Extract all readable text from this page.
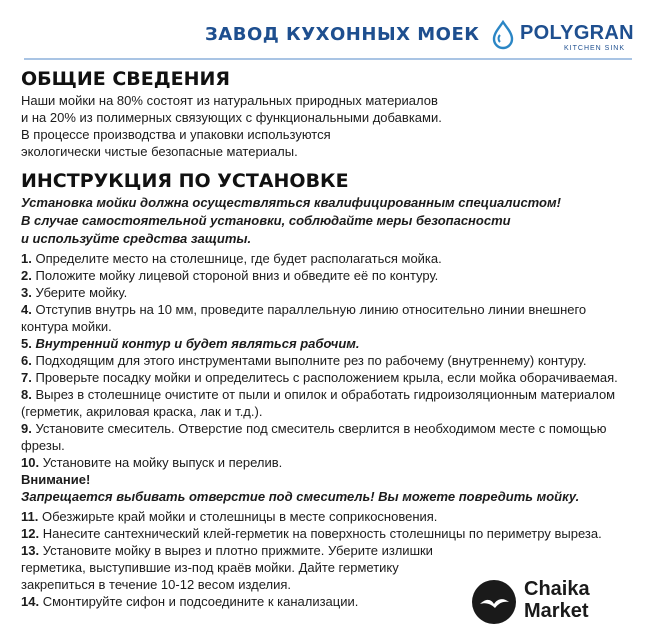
ЗАВОД КУХОННЫХ МОЕК POLYGRAN
KITCHEN SINK
ОБЩИЕ СВЕДЕНИЯ

Наши мойки на 80% состоят из натуральных природных материалов

и на 20% из полимерных связующих с функциональными добавками.

В процессе производства и упаковки используются

экологически чистые безопасные материалы.

ИНСТРУКЦИЯ ПО УСТАНОВКЕ
Установка мойки должна осуществляться квалифицированным специалистом!
В случае самостоятельной установки, соблюдайте меры безопасности
и используйте средства защиты.
1. Определите место на столешнице, где будет располагаться мойка.
2. Положите мойку лицевой стороной вниз и обведите её по контуру.
3. Уберите мойку.
4. Отступив внутрь на 10 мм, проведите параллельную линию относительно линии внешнего контура мойки.
5. Внутренний контур и будет являться рабочим.
6. Подходящим для этого инструментами выполните рез по рабочему (внутреннему) контуру.
7. Проверьте посадку мойки и определитесь с расположением крыла, если мойка оборачиваемая.
8. Вырез в столешнице очистите от пыли и опилок и обработать гидроизоляционным материалом (герметик, акриловая краска, лак и т.д.).
9. Установите смеситель. Отверстие под смеситель сверлится в необходимом месте с помощью фрезы.
10. Установите на мойку выпуск и перелив.
Внимание!
Запрещается выбивать отверстие под смеситель! Вы можете повредить мойку.
11. Обезжирьте край мойки и столешницы в месте соприкосновения.
12. Нанесите сантехнический клей-герметик на поверхность столешницы по периметру выреза.
13. Установите мойку в вырез и плотно прижмите. Уберите излишки герметика, выступившие из-под краёв мойки. Дайте герметику закрепиться в течение 10-12 весом изделия.
14. Смонтируйте сифон и подсоедините к канализации.
Chaika
Market
